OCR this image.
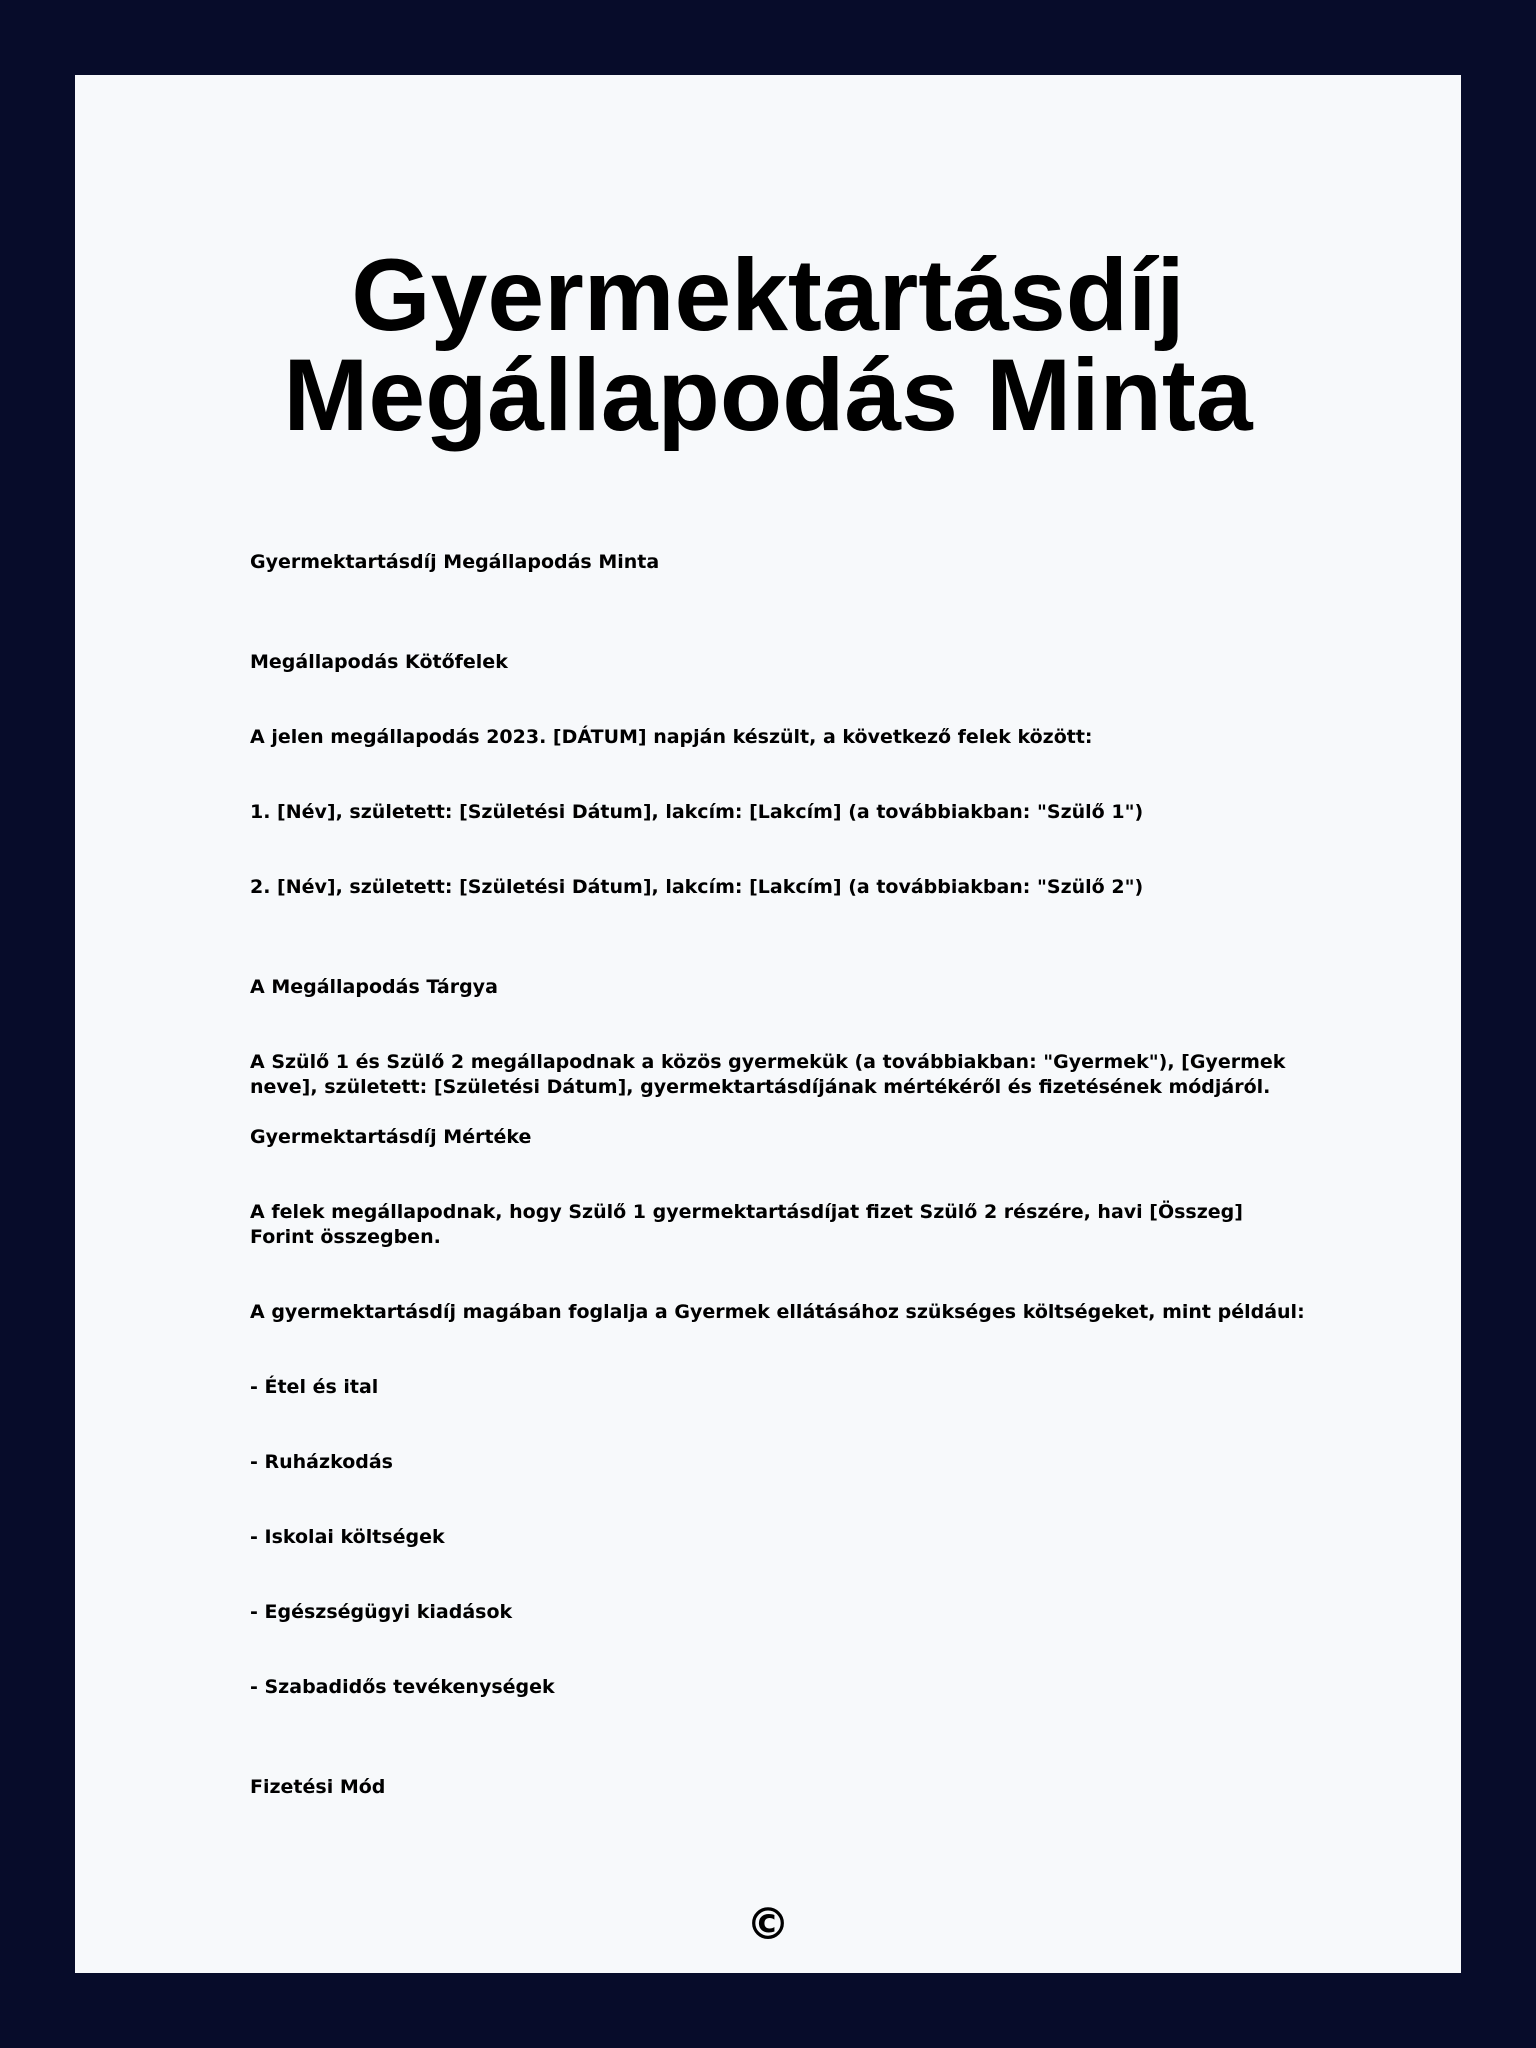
Gyermektartásdíj
Megállapodás Minta

Gyermektartásdíj Megállapodás Minta

Megállapodás Kötőfelek

A jelen megállapodás 2023. [DÁTUM] napján készült, a következő felek között:

1. [Név], született: [Születési Dátum], lakcím: [Lakcím] (a továbbiakban: "Szülő 1")

2. [Név], született: [Születési Dátum], lakcím: [Lakcím] (a továbbiakban: "Szülő 2")

A Megállapodás Tárgya

A Szülő 1 és Szülő 2 megállapodnak a közös gyermekük (a továbbiakban: "Gyermek"), [Gyermek neve], született: [Születési Dátum], gyermektartásdíjának mértékéről és fizetésének módjáról.

Gyermektartásdíj Mértéke

A felek megállapodnak, hogy Szülő 1 gyermektartásdíjat fizet Szülő 2 részére, havi [Összeg] Forint összegben.

A gyermektartásdíj magában foglalja a Gyermek ellátásához szükséges költségeket, mint például:

- Étel és ital

- Ruházkodás

- Iskolai költségek

- Egészségügyi kiadások

- Szabadidős tevékenységek

Fizetési Mód

©
